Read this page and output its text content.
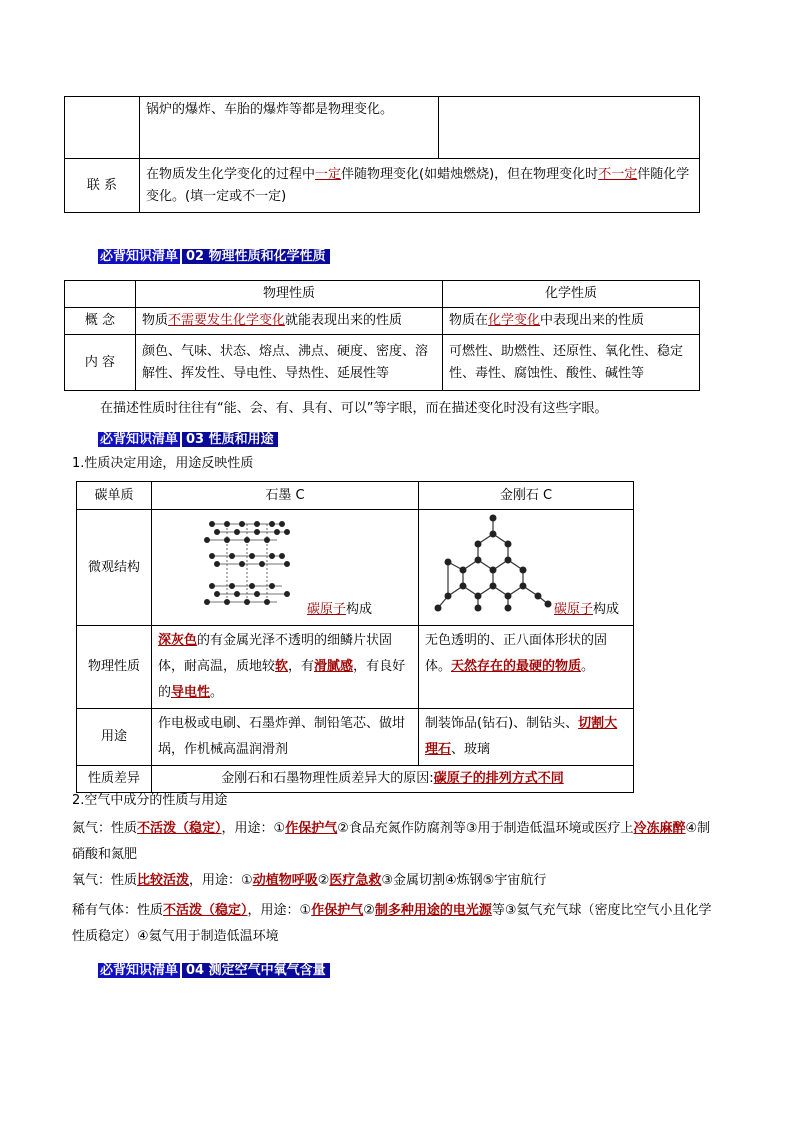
	锅炉的爆炸、车胎的爆炸等都是物理变化。	
联 系	在物质发生化学变化的过程中一定伴随物理变化(如蜡烛燃烧)，但在物理变化时不一定伴随化学变化。(填一定或不一定)	
必背知识清单 02 物理性质和化学性质
	物理性质	化学性质
概 念	物质不需要发生化学变化就能表现出来的性质	物质在化学变化中表现出来的性质
内 容	颜色、气味、状态、熔点、沸点、硬度、密度、溶解性、挥发性、导电性、导热性、延展性等	可燃性、助燃性、还原性、氧化性、稳定性、毒性、腐蚀性、酸性、碱性等
在描述性质时往往有“能、会、有、具有、可以”等字眼，而在描述变化时没有这些字眼。
必背知识清单 03 性质和用途
1.性质决定用途，用途反映性质
碳单质	石墨 C	金刚石 C
微观结构	碳原子构成	碳原子构成

物理性质	深灰色的有金属光泽不透明的细鳞片状固体，耐高温，质地较软，有滑腻感，有良好的导电性。	无色透明的、正八面体形状的固体。天然存在的最硬的物质。
用途	作电极或电刷、石墨炸弹、制铅笔芯、做坩埚，作机械高温润滑剂	制装饰品(钻石)、制钻头、切割大理石、玻璃
性质差异	金刚石和石墨物理性质差异大的原因:碳原子的排列方式不同	
2.空气中成分的性质与用途
氮气：性质不活泼（稳定），用途：①作保护气②食品充氮作防腐剂等③用于制造低温环境或医疗上冷冻麻醉④制硝酸和氮肥
氧气：性质比较活泼，用途：①动植物呼吸②医疗急救③金属切割④炼钢⑤宇宙航行
稀有气体：性质不活泼（稳定），用途：①作保护气②制多种用途的电光源等③氦气充气球（密度比空气小且化学性质稳定）④氦气用于制造低温环境
必背知识清单 04 测定空气中氧气含量
